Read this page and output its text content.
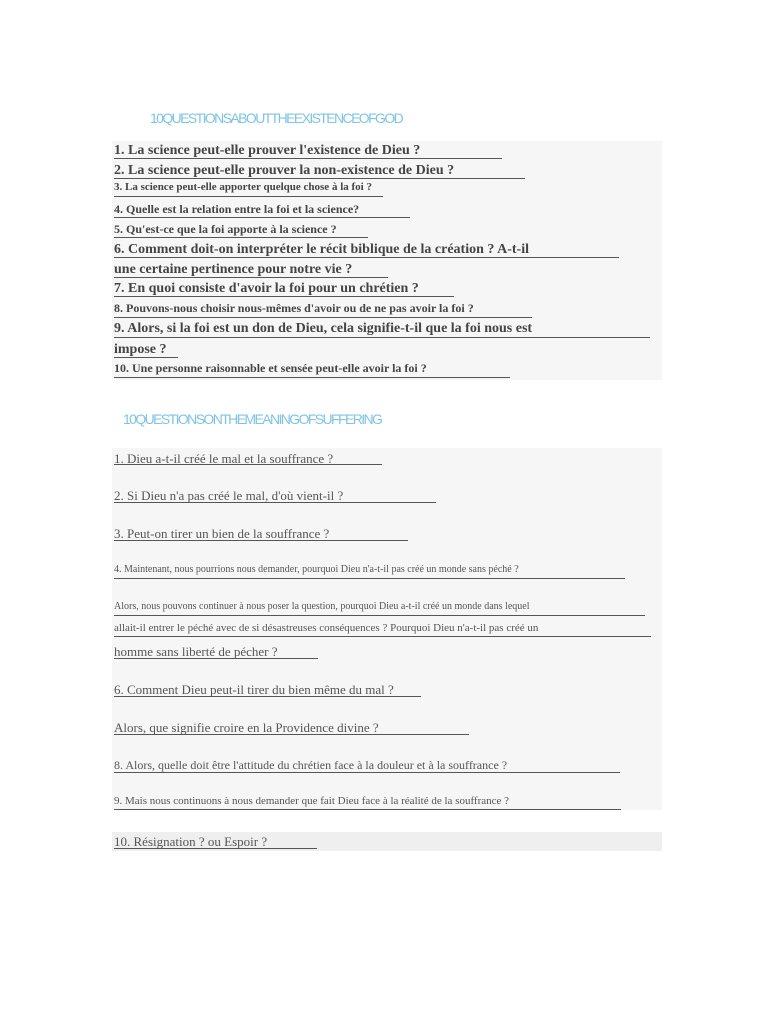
10QUESTIONSABOUTTHEEXISTENCEOFGOD
1. La science peut-elle prouver l'existence de Dieu ?
2. La science peut-elle prouver la non-existence de Dieu ?
3. La science peut-elle apporter quelque chose à la foi ?
4. Quelle est la relation entre la foi et la science?
5. Qu'est-ce que la foi apporte à la science ?
6. Comment doit-on interpréter le récit biblique de la création ? A-t-il
une certaine pertinence pour notre vie ?
7. En quoi consiste d'avoir la foi pour un chrétien ?
8. Pouvons-nous choisir nous-mêmes d'avoir ou de ne pas avoir la foi ?
9. Alors, si la foi est un don de Dieu, cela signifie-t-il que la foi nous est
impose ?
10. Une personne raisonnable et sensée peut-elle avoir la foi ?
10QUESTIONSONTHEMEANINGOFSUFFERING
1. Dieu a-t-il créé le mal et la souffrance ?
2. Si Dieu n'a pas créé le mal, d'où vient-il ?
3. Peut-on tirer un bien de la souffrance ?
4. Maintenant, nous pourrions nous demander, pourquoi Dieu n'a-t-il pas créé un monde sans péché ?
Alors, nous pouvons continuer à nous poser la question, pourquoi Dieu a-t-il créé un monde dans lequel
allait-il entrer le péché avec de si désastreuses conséquences ? Pourquoi Dieu n'a-t-il pas créé un
homme sans liberté de pécher ?
6. Comment Dieu peut-il tirer du bien même du mal ?
Alors, que signifie croire en la Providence divine ?
8. Alors, quelle doit être l'attitude du chrétien face à la douleur et à la souffrance ?
9. Mais nous continuons à nous demander que fait Dieu face à la réalité de la souffrance ?
10. Résignation ? ou Espoir ?
